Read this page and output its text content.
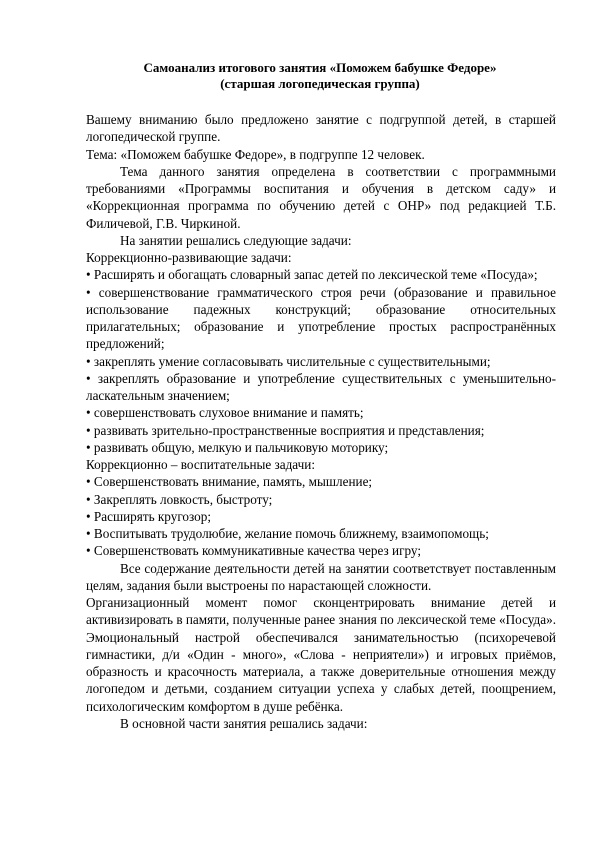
Самоанализ итогового занятия «Поможем бабушке Федоре»
(старшая логопедическая группа)

Вашему вниманию было предложено занятие с подгруппой детей, в старшей логопедической группе.

Тема: «Поможем бабушке Федоре», в подгруппе 12 человек.

Тема данного занятия определена в соответствии с программными требованиями «Программы воспитания и обучения в детском саду» и «Коррекционная программа по обучению детей с ОНР» под редакцией Т.Б. Филичевой, Г.В. Чиркиной.

На занятии решались следующие задачи:

Коррекционно-развивающие задачи:

• Расширять и обогащать словарный запас детей по лексической теме «Посуда»;

• совершенствование грамматического строя речи (образование и правильное использование падежных конструкций; образование относительных прилагательных; образование и употребление простых распространённых предложений;

• закреплять умение согласовывать числительные с существительными;

• закреплять образование и употребление существительных с уменьшительно-ласкательным значением;

• совершенствовать слуховое внимание и память;

• развивать зрительно-пространственные восприятия и представления;

• развивать общую, мелкую и пальчиковую моторику;

Коррекционно – воспитательные задачи:

• Совершенствовать внимание, память, мышление;

• Закреплять ловкость, быстроту;

• Расширять кругозор;

• Воспитывать трудолюбие, желание помочь ближнему, взаимопомощь;

• Совершенствовать коммуникативные качества через игру;

Все содержание деятельности детей на занятии соответствует поставленным целям, задания были выстроены по нарастающей сложности.

Организационный момент помог сконцентрировать внимание детей и активизировать в памяти, полученные ранее знания по лексической теме «Посуда». Эмоциональный настрой обеспечивался занимательностью (психоречевой гимнастики, д/и «Один - много», «Слова - неприятели») и игровых приёмов, образность и красочность материала, а также доверительные отношения между логопедом и детьми, созданием ситуации успеха у слабых детей, поощрением, психологическим комфортом в душе ребёнка.

В основной части занятия решались задачи:
